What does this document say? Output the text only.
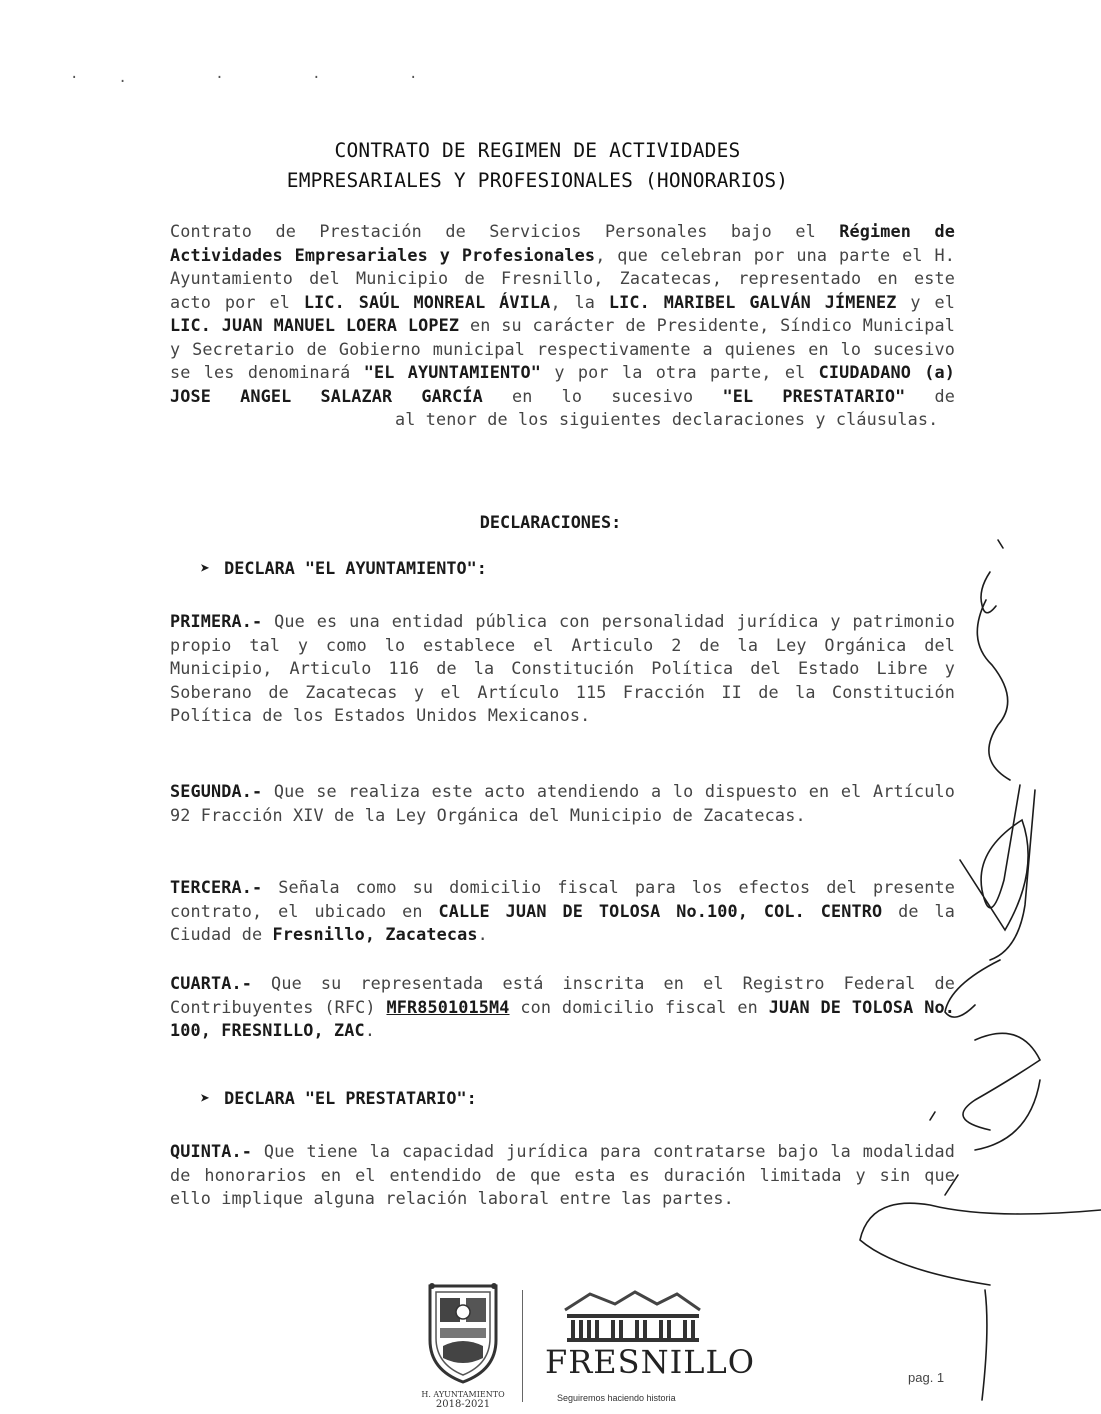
·. · · ·
CONTRATO DE REGIMEN DE ACTIVIDADES
EMPRESARIALES Y PROFESIONALES (HONORARIOS)
Contrato de Prestación de Servicios Personales bajo el Régimen de Actividades Empresariales y Profesionales, que celebran por una parte el H. Ayuntamiento del Municipio de Fresnillo, Zacatecas, representado en este acto por el LIC. SAÚL MONREAL ÁVILA, la LIC. MARIBEL GALVÁN JÍMENEZ y el LIC. JUAN MANUEL LOERA LOPEZ en su carácter de Presidente, Síndico Municipal y Secretario de Gobierno municipal respectivamente a quienes en lo sucesivo se les denominará "EL AYUNTAMIENTO" y por la otra parte, el CIUDADANO (a) JOSE ANGEL SALAZAR GARCÍA en lo sucesivo "EL PRESTATARIO" deal tenor de los siguientes declaraciones y cláusulas.
DECLARACIONES:
➤ DECLARA "EL AYUNTAMIENTO":
PRIMERA.- Que es una entidad pública con personalidad jurídica y patrimonio propio tal y como lo establece el Articulo 2 de la Ley Orgánica del Municipio, Articulo 116 de la Constitución Política del Estado Libre y Soberano de Zacatecas y el Artículo 115 Fracción II de la Constitución Política de los Estados Unidos Mexicanos.
SEGUNDA.- Que se realiza este acto atendiendo a lo dispuesto en el Artículo 92 Fracción XIV de la Ley Orgánica del Municipio de Zacatecas.
TERCERA.- Señala como su domicilio fiscal para los efectos del presente contrato, el ubicado en CALLE JUAN DE TOLOSA No.100, COL. CENTRO de la Ciudad de Fresnillo, Zacatecas.
CUARTA.- Que su representada está inscrita en el Registro Federal de Contribuyentes (RFC) MFR8501015M4 con domicilio fiscal en JUAN DE TOLOSA No. 100, FRESNILLO, ZAC.
➤ DECLARA "EL PRESTATARIO":
QUINTA.- Que tiene la capacidad jurídica para contratarse bajo la modalidad de honorarios en el entendido de que esta es duración limitada y sin que ello implique alguna relación laboral entre las partes.
H. AYUNTAMIENTO
2018-2021
FRESNILLO
Seguiremos haciendo historia
pag. 1
